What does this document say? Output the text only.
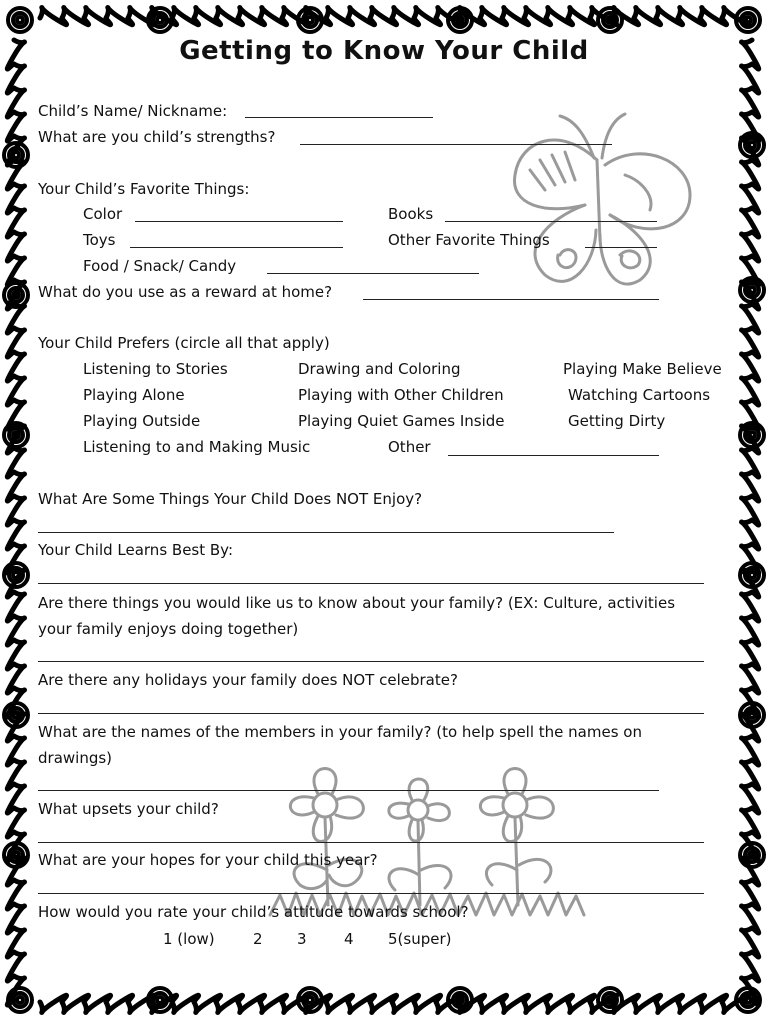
Getting to Know Your Child
Child’s Name/ Nickname:
What are you child’s strengths?
Your Child’s Favorite Things:
Color	Books
Toys	Other Favorite Things
Food / Snack/ Candy
What do you use as a reward at home?
Your Child Prefers (circle all that apply)
Listening to Stories	Drawing and Coloring	Playing Make Believe
Playing Alone	Playing with Other Children	Watching Cartoons
Playing Outside	Playing Quiet Games Inside	Getting Dirty
Listening to and Making Music	Other
What Are Some Things Your Child Does NOT Enjoy?
Your Child Learns Best By:
Are there things you would like us to know about your family? (EX: Culture, activities
your family enjoys doing together)
Are there any holidays your family does NOT celebrate?
What are the names of the members in your family? (to help spell the names on
drawings)
What upsets your child?
What are your hopes for your child this year?
How would you rate your child’s attitude towards school?
1 (low)	2 3 4 5(super)
